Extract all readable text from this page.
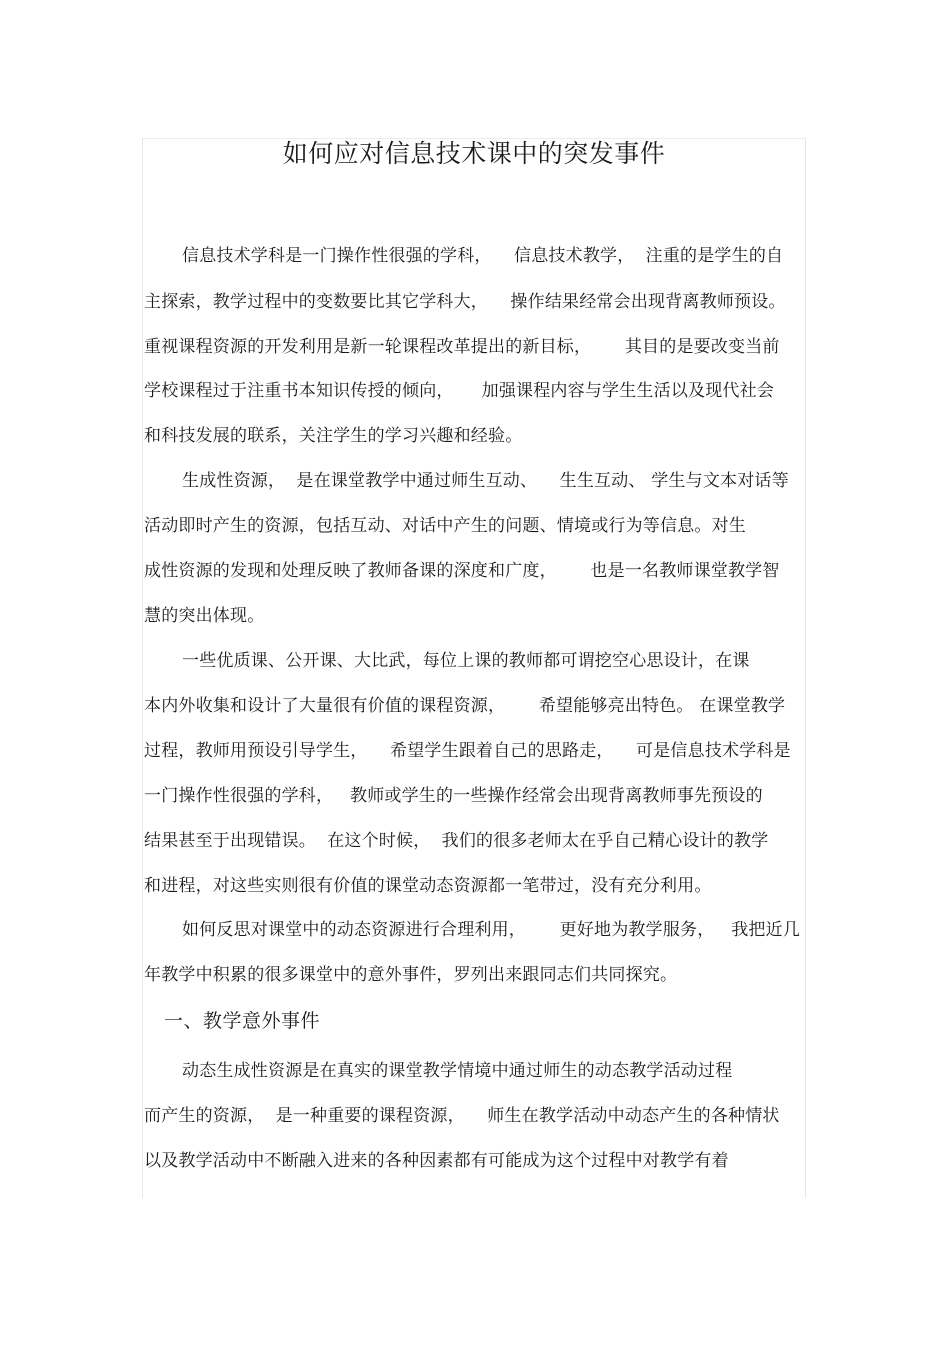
如何应对信息技术课中的突发事件
信息技术学科是一门操作性很强的学科，    信息技术教学，  注重的是学生的自
主探索，教学过程中的变数要比其它学科大，    操作结果经常会出现背离教师预设。
重视课程资源的开发利用是新一轮课程改革提出的新目标，      其目的是要改变当前
学校课程过于注重书本知识传授的倾向，     加强课程内容与学生生活以及现代社会
和科技发展的联系，关注学生的学习兴趣和经验。
生成性资源，  是在课堂教学中通过师生互动、    生生互动、 学生与文本对话等
活动即时产生的资源，包括互动、对话中产生的问题、情境或行为等信息。对生
成性资源的发现和处理反映了教师备课的深度和广度，      也是一名教师课堂教学智
慧的突出体现。
一些优质课、公开课、大比武，每位上课的教师都可谓挖空心思设计，在课
本内外收集和设计了大量很有价值的课程资源，      希望能够亮出特色。 在课堂教学
过程，教师用预设引导学生，    希望学生跟着自己的思路走，    可是信息技术学科是
一门操作性很强的学科，   教师或学生的一些操作经常会出现背离教师事先预设的
结果甚至于出现错误。  在这个时候，  我们的很多老师太在乎自己精心设计的教学
和进程，对这些实则很有价值的课堂动态资源都一笔带过，没有充分利用。
如何反思对课堂中的动态资源进行合理利用，      更好地为教学服务，   我把近几
年教学中积累的很多课堂中的意外事件，罗列出来跟同志们共同探究。
一、教学意外事件
动态生成性资源是在真实的课堂教学情境中通过师生的动态教学活动过程
而产生的资源，  是一种重要的课程资源，    师生在教学活动中动态产生的各种情状
以及教学活动中不断融入进来的各种因素都有可能成为这个过程中对教学有着
